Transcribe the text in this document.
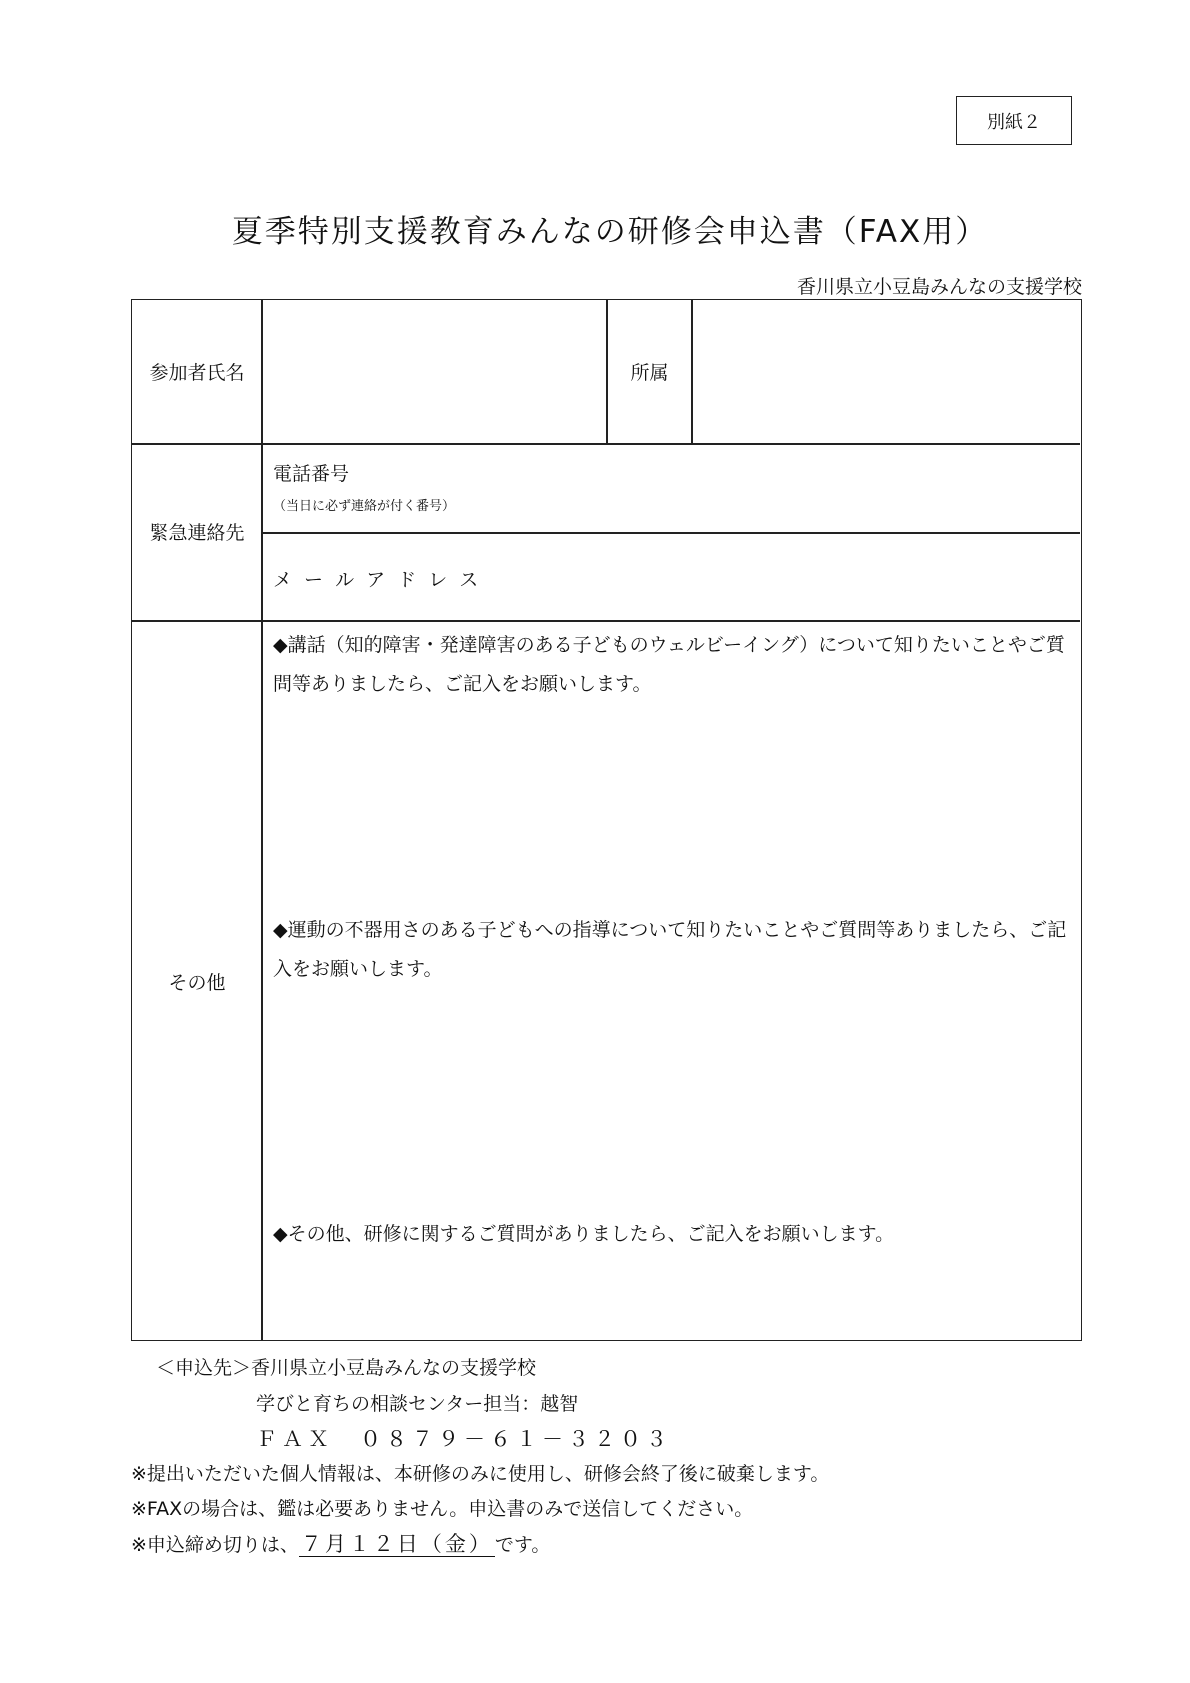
別紙２
夏季特別支援教育みんなの研修会申込書（FAX用）
香川県立小豆島みんなの支援学校
参加者氏名	所属
緊急連絡先
電話番号
（当日に必ず連絡が付く番号）
メ ー ル ア ド レ ス
その他
◆講話（知的障害・発達障害のある子どものウェルビーイング）について知りたいことやご質問等ありましたら、ご記入をお願いします。
◆運動の不器用さのある子どもへの指導について知りたいことやご質問等ありましたら、ご記入をお願いします。
◆その他、研修に関するご質問がありましたら、ご記入をお願いします。
＜申込先＞香川県立小豆島みんなの支援学校
学びと育ちの相談センター担当：越智
ＦＡＸ　０８７９－６１－３２０３
※提出いただいた個人情報は、本研修のみに使用し、研修会終了後に破棄します。
※FAXの場合は、鑑は必要ありません。申込書のみで送信してください。
※申込締め切りは、７月１２日（金） です。
